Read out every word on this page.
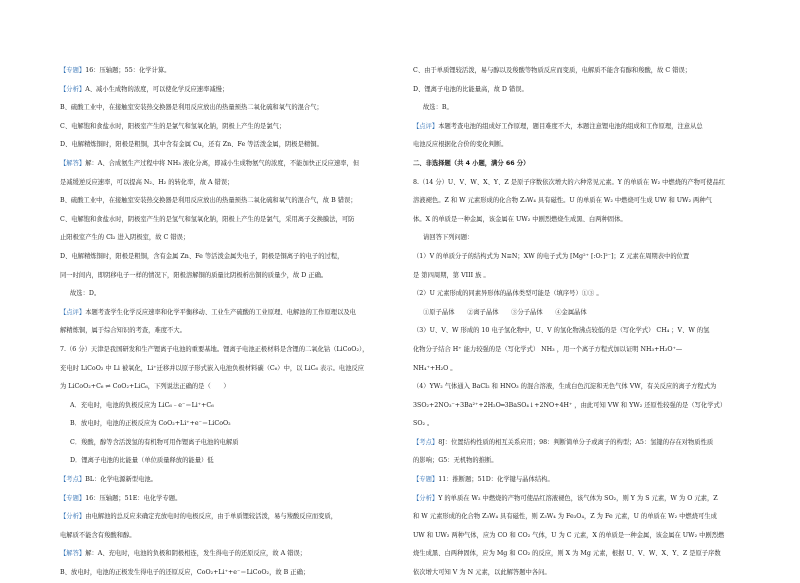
【专题】16：压轴题；55：化学计算。
【分析】A、减小生成物的浓度，可以使化学反应速率减慢；
B、硫酸工业中，在接触室安装热交换器是利用反应放出的热量预热二氧化硫和氧气的混合气；
C、电解饱和食盐水时，阳极室产生的是氯气和氢氧化钠，阴极上产生的是氯气；
D、电解精炼铜时，阳极是粗铜，其中含有金属 Cu，还有 Zn、Fe 等活泼金属，阴极是精铜。
【解答】解：A、合成氨生产过程中将 NH₃ 液化分离，即减小生成物氨气的浓度，不能加快正反应速率，但
是减缓逆反应速率，可以提高 N₂、H₂ 的转化率，故 A 错误；
B、硫酸工业中，在接触室安装热交换器是利用反应放出的热量预热二氧化硫和氧气的混合气，故 B 错误；
C、电解饱和食盐水时，阴极室产生的是氢气和氢氧化钠，阳极上产生的是氯气，采用离子交换膜法，可防
止阳极室产生的 Cl₂ 进入阴极室，故 C 错误；
D、电解精炼铜时，阳极是粗铜，含有金属 Zn、Fe 等活泼金属失电子，阴极是铜离子的电子的过程，
同一时间内，即阴移电子一样的情况下，阳极溶解铜的质量比阴极析出铜的质量少，故 D 正确。
故选：D。
【点评】本题考查学生化学反应速率和化学平衡移动、工业生产硫酸的工业原理、电解池的工作原理以及电
解精炼铜，属于综合知识的考查，难度不大。
7.（6 分）天津是我国研发和生产锂离子电池的重要基地。锂离子电池正极材料是含锂的二氧化钴（LiCoO₂），
充电时 LiCoO₂ 中 Li 被氧化，Li⁺迁移并以原子形式嵌入电池负极材料碳（C₆）中，以 LiC₆ 表示。电池反应
为 LiCoO₂+C₆ ⇌ CoO₂+LiC₆，下列说法正确的是（　　）
A．充电时，电池的负极反应为 LiC₆﹣e⁻＝Li⁺+C₆
B．放电时，电池的正极反应为 CoO₂+Li⁺+e⁻＝LiCoO₂
C．羧酸，醇等含活泼氢的有机物可用作锂离子电池的电解质
D．锂离子电池的比能量（单位质量释放的能量）低
【考点】BL：化学电源新型电池。
【专题】16：压轴题；51E：电化学专题。
【分析】由电解池的总反应来确定充放电时的电极反应，由于单质锂较活泼，易与羧酸反应而变质，
电解质不能含有羧酸和醇。
【解答】解：A、充电时，电池的负极和阴极相连，发生得电子的还原反应，故 A 错误；
B、放电时，电池的正极发生得电子的还原反应，CoO₂+Li⁺+e⁻＝LiCoO₂，故 B 正确；
C、由于单质锂较活泼，易与醇以及羧酸等物质反应而变质，电解质不能含有醇和羧酸，故 C 错误；
D、锂离子电池的比能量高，故 D 错误。
故选：B。
【点评】本题考查电池的组成好工作原理，题目难度不大，本题注意锂电池的组成和工作原理，注意从总
电池反应根据化合价的变化判断。
二、非选择题（共 4 小题，满分 66 分）
8.（14 分）U、V、W、X、Y、Z 是原子序数依次增大的六种常见元素。Y 的单质在 W₂ 中燃烧的产物可使品红
溶液褪色。Z 和 W 元素形成的化合物 Z₃W₄ 具有磁性。U 的单质在 W₂ 中燃烧可生成 UW 和 UW₂ 两种气
体。X 的单质是一种金属，该金属在 UW₂ 中剧烈燃烧生成黑、白两种固体。
请回答下列问题：
（1）V 的单质分子的结构式为 N≡N；XW 的电子式为 [Mg²⁺ [:O:]²⁻]；Z 元素在周期表中的位置
是 第四周期，第 VIII 族 。
（2）U 元素形成的同素异形体的晶体类型可能是（填序号）①③ 。
①原子晶体　　②离子晶体　　③分子晶体　　④金属晶体
（3）U、V、W 形成的 10 电子氢化物中，U、V 的氢化物沸点较低的是（写化学式） CH₄ ；V、W 的氢
化物分子结合 H⁺ 能力较强的是（写化学式） NH₃ ，用一个离子方程式加以证明 NH₃+H₃O⁺—
NH₄⁺+H₂O 。
（4）YW₂ 气体通入 BaCl₂ 和 HNO₃ 的混合溶液，生成白色沉淀和无色气体 VW，有关反应的离子方程式为
3SO₂+2NO₃⁻+3Ba²⁺+2H₂O═3BaSO₄↓+2NO+4H⁺ ，由此可知 VW 和 YW₂ 还原性较强的是（写化学式）
SO₂ 。
【考点】8J：位置结构性质的相互关系应用；98：判断简单分子或离子的构型；A5：氢键的存在对物质性质
的影响；G5：无机物的推断。
【专题】11：推断题；51D：化学键与晶体结构。
【分析】Y 的单质在 W₂ 中燃烧的产物可使品红溶液褪色，该气体为 SO₂，则 Y 为 S 元素，W 为 O 元素，Z
和 W 元素形成的化合物 Z₃W₄ 具有磁性，则 Z₃W₄ 为 Fe₃O₄，Z 为 Fe 元素，U 的单质在 W₂ 中燃烧可生成
UW 和 UW₂ 两种气体，应为 CO 和 CO₂ 气体，U 为 C 元素，X 的单质是一种金属，该金属在 UW₂ 中剧烈燃
烧生成黑、白两种固体，应为 Mg 和 CO₂ 的反应，则 X 为 Mg 元素，根据 U、V、W、X、Y、Z 是原子序数
依次增大可知 V 为 N 元素，以此解答题中各问。
